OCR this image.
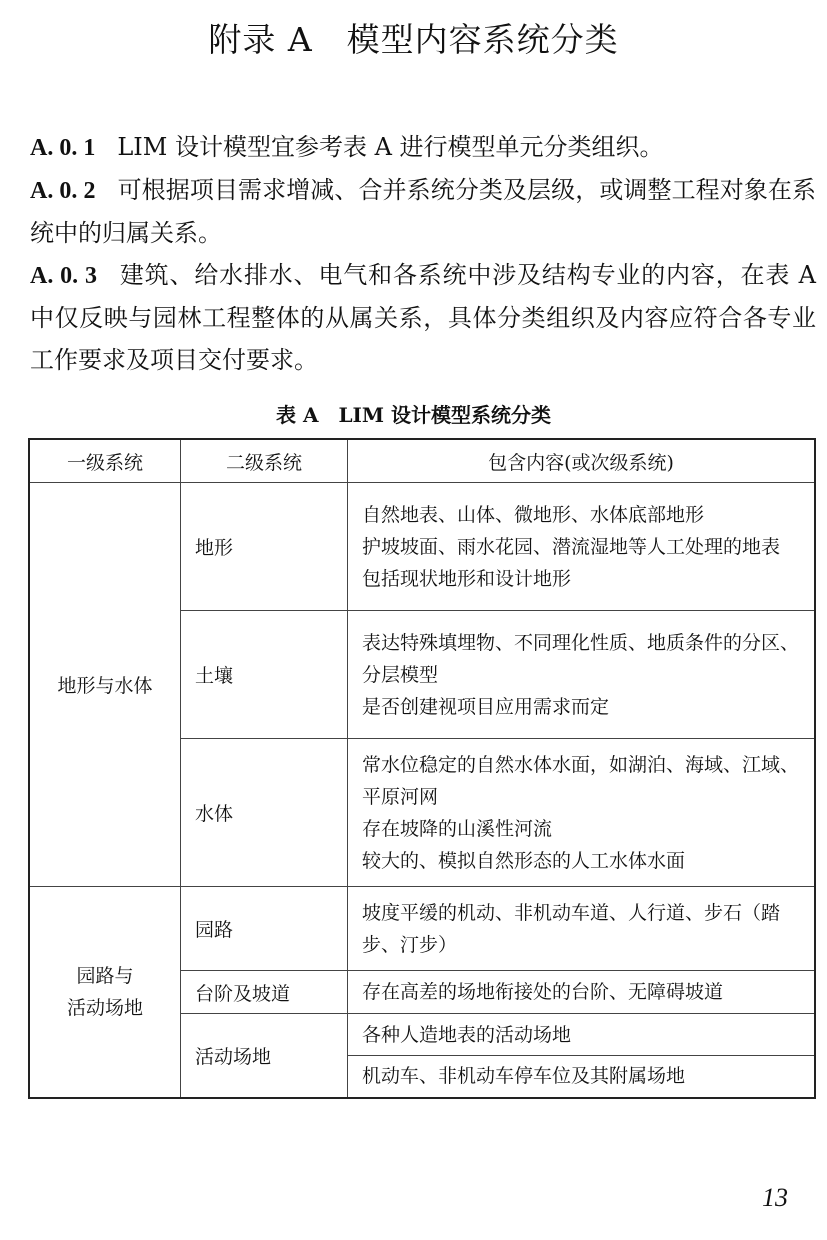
附录 A　模型内容系统分类
A. 0. 1 LIM 设计模型宜参考表 A 进行模型单元分类组织。
A. 0. 2 可根据项目需求增减、合并系统分类及层级，或调整工程对象在系统中的归属关系。
A. 0. 3 建筑、给水排水、电气和各系统中涉及结构专业的内容，在表 A 中仅反映与园林工程整体的从属关系，具体分类组织及内容应符合各专业工作要求及项目交付要求。
表 A　LIM 设计模型系统分类
一级系统	二级系统	包含内容(或次级系统)
地形与水体	地形	自然地表、山体、微地形、水体底部地形
护坡坡面、雨水花园、潜流湿地等人工处理的地表
包括现状地形和设计地形

	土壤	表达特殊填埋物、不同理化性质、地质条件的分区、分层模型
是否创建视项目应用需求而定

	水体	常水位稳定的自然水体水面，如湖泊、海域、江域、平原河网
存在坡降的山溪性河流
较大的、模拟自然形态的人工水体水面

园路与
活动场地	园路	坡度平缓的机动、非机动车道、人行道、步石（踏步、汀步）
	台阶及坡道	存在高差的场地衔接处的台阶、无障碍坡道
	活动场地	各种人造地表的活动场地
		机动车、非机动车停车位及其附属场地
13
